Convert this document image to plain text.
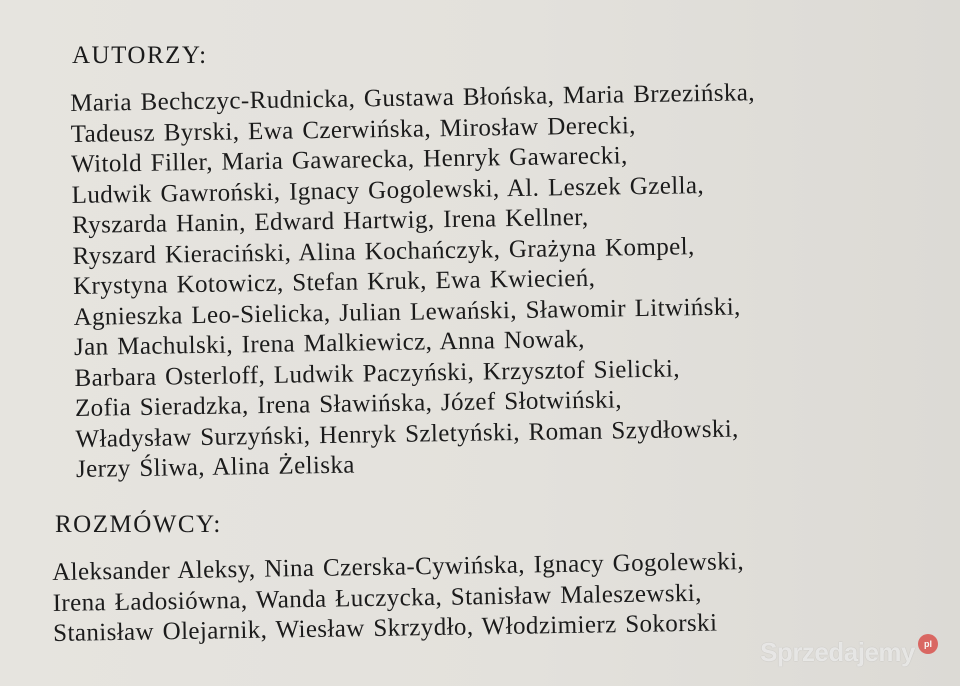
AUTORZY:
Maria Bechczyc-Rudnicka, Gustawa Błońska, Maria Brzezińska,
Tadeusz Byrski, Ewa Czerwińska, Mirosław Derecki,
Witold Filler, Maria Gawarecka, Henryk Gawarecki,
Ludwik Gawroński, Ignacy Gogolewski, Al. Leszek Gzella,
Ryszarda Hanin, Edward Hartwig, Irena Kellner,
Ryszard Kieraciński, Alina Kochańczyk, Grażyna Kompel,
Krystyna Kotowicz, Stefan Kruk, Ewa Kwiecień,
Agnieszka Leo-Sielicka, Julian Lewański, Sławomir Litwiński,
Jan Machulski, Irena Malkiewicz, Anna Nowak,
Barbara Osterloff, Ludwik Paczyński, Krzysztof Sielicki,
Zofia Sieradzka, Irena Sławińska, Józef Słotwiński,
Władysław Surzyński, Henryk Szletyński, Roman Szydłowski,
Jerzy Śliwa, Alina Żeliska
ROZMÓWCY:
Aleksander Aleksy, Nina Czerska-Cywińska, Ignacy Gogolewski,
Irena Ładosiówna, Wanda Łuczycka, Stanisław Maleszewski,
Stanisław Olejarnik, Wiesław Skrzydło, Włodzimierz Sokorski
Sprzedajemy	pl
